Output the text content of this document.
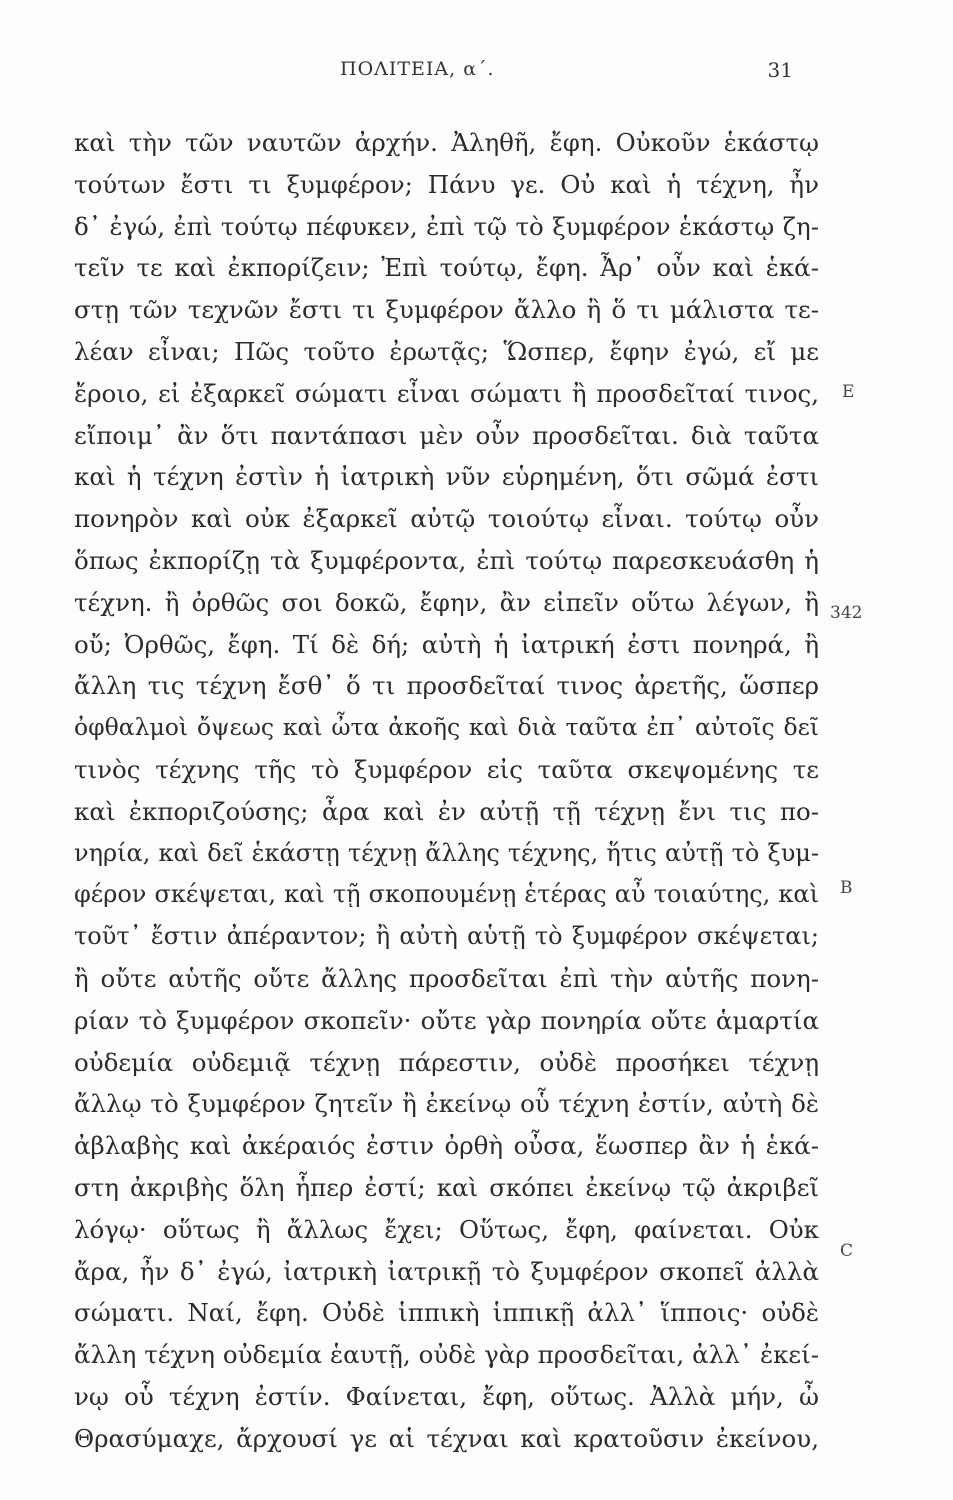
ΠΟΛΙΤΕΙΑ, α΄.	31
καὶ τὴν τῶν ναυτῶν ἀρχήν. Ἀληθῆ, ἔφη. Οὐκοῦν ἑκάστῳ
τούτων ἔστι τι ξυμφέρον; Πάνυ γε. Οὐ καὶ ἡ τέχνη, ἦν
δ᾽ ἐγώ, ἐπὶ τούτῳ πέφυκεν, ἐπὶ τῷ τὸ ξυμφέρον ἑκάστῳ ζη-
τεῖν τε καὶ ἐκπορίζειν; Ἐπὶ τούτῳ, ἔφη. Ἆρ᾽ οὖν καὶ ἑκά-
στῃ τῶν τεχνῶν ἔστι τι ξυμφέρον ἄλλο ἢ ὅ τι μάλιστα τε-
λέαν εἶναι; Πῶς τοῦτο ἐρωτᾷς; Ὥσπερ, ἔφην ἐγώ, εἴ με
ἔροιο, εἰ ἐξαρκεῖ σώματι εἶναι σώματι ἢ προσδεῖταί τινος,
εἴποιμ᾽ ἂν ὅτι παντάπασι μὲν οὖν προσδεῖται. διὰ ταῦτα
καὶ ἡ τέχνη ἐστὶν ἡ ἰατρικὴ νῦν εὑρημένη, ὅτι σῶμά ἐστι
πονηρὸν καὶ οὐκ ἐξαρκεῖ αὐτῷ τοιούτῳ εἶναι. τούτῳ οὖν
ὅπως ἐκπορίζῃ τὰ ξυμφέροντα, ἐπὶ τούτῳ παρεσκευάσθη ἡ
τέχνη. ἢ ὀρθῶς σοι δοκῶ, ἔφην, ἂν εἰπεῖν οὕτω λέγων, ἢ
οὔ; Ὀρθῶς, ἔφη. Τί δὲ δή; αὐτὴ ἡ ἰατρική ἐστι πονηρά, ἢ
ἄλλη τις τέχνη ἔσθ᾽ ὅ τι προσδεῖταί τινος ἀρετῆς, ὥσπερ
ὀφθαλμοὶ ὄψεως καὶ ὦτα ἀκοῆς καὶ διὰ ταῦτα ἐπ᾽ αὐτοῖς δεῖ
τινὸς τέχνης τῆς τὸ ξυμφέρον εἰς ταῦτα σκεψομένης τε
καὶ ἐκποριζούσης; ἆρα καὶ ἐν αὐτῇ τῇ τέχνῃ ἔνι τις πο-
νηρία, καὶ δεῖ ἑκάστῃ τέχνῃ ἄλλης τέχνης, ἥτις αὐτῇ τὸ ξυμ-
φέρον σκέψεται, καὶ τῇ σκοπουμένῃ ἑτέρας αὖ τοιαύτης, καὶ
τοῦτ᾽ ἔστιν ἀπέραντον; ἢ αὐτὴ αὑτῇ τὸ ξυμφέρον σκέψεται;
ἢ οὔτε αὑτῆς οὔτε ἄλλης προσδεῖται ἐπὶ τὴν αὑτῆς πονη-
ρίαν τὸ ξυμφέρον σκοπεῖν· οὔτε γὰρ πονηρία οὔτε ἁμαρτία
οὐδεμία οὐδεμιᾷ τέχνῃ πάρεστιν, οὐδὲ προσήκει τέχνῃ
ἄλλῳ τὸ ξυμφέρον ζητεῖν ἢ ἐκείνῳ οὗ τέχνη ἐστίν, αὐτὴ δὲ
ἀβλαβὴς καὶ ἀκέραιός ἐστιν ὀρθὴ οὖσα, ἕωσπερ ἂν ἡ ἑκά-
στη ἀκριβὴς ὅλη ἧπερ ἐστί; καὶ σκόπει ἐκείνῳ τῷ ἀκριβεῖ
λόγῳ· οὕτως ἢ ἄλλως ἔχει; Οὕτως, ἔφη, φαίνεται. Οὐκ
ἄρα, ἦν δ᾽ ἐγώ, ἰατρικὴ ἰατρικῇ τὸ ξυμφέρον σκοπεῖ ἀλλὰ
σώματι. Ναί, ἔφη. Οὐδὲ ἱππικὴ ἱππικῇ ἀλλ᾽ ἵπποις· οὐδὲ
ἄλλη τέχνη οὐδεμία ἑαυτῇ, οὐδὲ γὰρ προσδεῖται, ἀλλ᾽ ἐκεί-
νῳ οὗ τέχνη ἐστίν. Φαίνεται, ἔφη, οὕτως. Ἀλλὰ μήν, ὦ
Θρασύμαχε, ἄρχουσί γε αἱ τέχναι καὶ κρατοῦσιν ἐκείνου,
E
342
B
C
